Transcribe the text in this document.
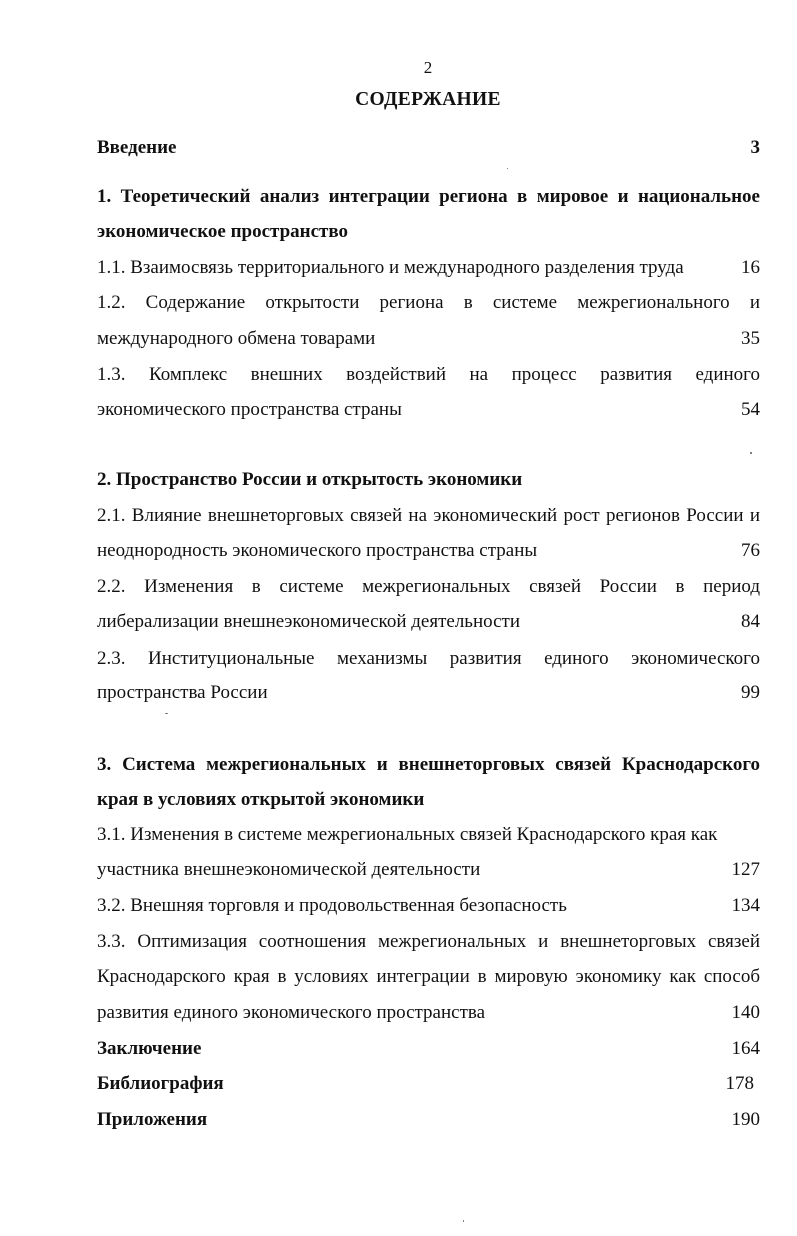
2
СОДЕРЖАНИЕ
Введение	3
1. Теоретический анализ интеграции региона в мировое и национальное
экономическое пространство
1.1. Взаимосвязь территориального и международного разделения труда	16
1.2. Содержание открытости региона в системе межрегионального и
международного обмена товарами	35
1.3. Комплекс внешних воздействий на процесс развития единого
экономического пространства страны	54
2. Пространство России и открытость экономики
2.1. Влияние внешнеторговых связей на экономический рост регионов России и
неоднородность экономического пространства страны	76
2.2. Изменения в системе межрегиональных связей России в период
либерализации внешнеэкономической деятельности	84
2.3. Институциональные механизмы развития единого экономического
пространства России	99
3. Система межрегиональных и внешнеторговых связей Краснодарского
края в условиях открытой экономики
3.1. Изменения в системе межрегиональных связей Краснодарского края как
участника внешнеэкономической деятельности	127
3.2. Внешняя торговля и продовольственная безопасность	134
3.3. Оптимизация соотношения межрегиональных и внешнеторговых связей
Краснодарского края в условиях интеграции в мировую экономику как способ
развития единого экономического пространства	140
Заключение	164
Библиография	178
Приложения	190
